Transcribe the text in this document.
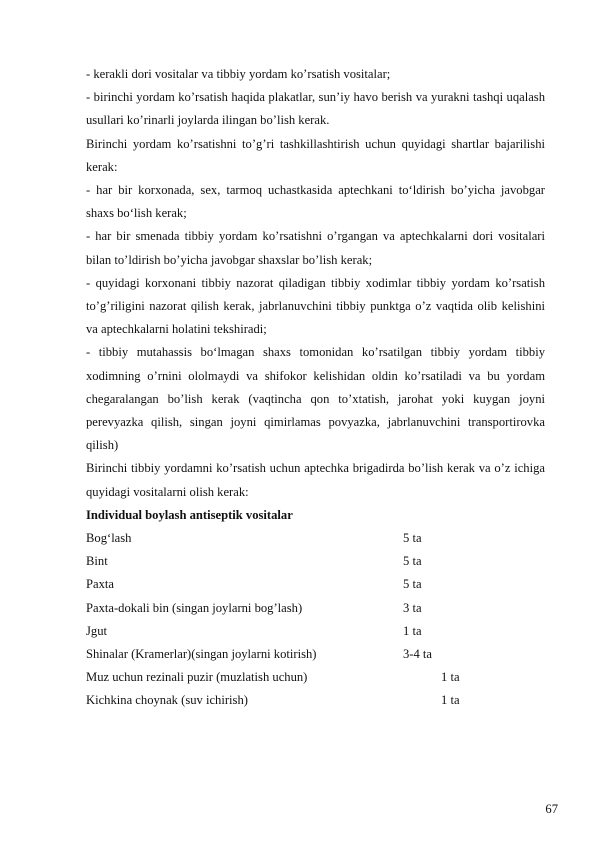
- kerakli dori vositalar va tibbiy yordam ko’rsatish vositalar;

- birinchi yordam ko’rsatish haqida plakatlar, sun’iy havo berish va yurakni tashqi uqalash usullari ko’rinarli joylarda ilingan bo’lish kerak.

Birinchi yordam ko’rsatishni to’g’ri tashkillashtirish uchun quyidagi shartlar bajarilishi kerak:

- har bir korxonada, sex, tarmoq uchastkasida aptechkani to‘ldirish bo’yicha javobgar shaxs bo‘lish kerak;

- har bir smenada tibbiy yordam ko’rsatishni o’rgangan va aptechkalarni dori vositalari bilan to’ldirish bo’yicha javobgar shaxslar bo’lish kerak;

- quyidagi korxonani tibbiy nazorat qiladigan tibbiy xodimlar tibbiy yordam ko’rsatish to’g’riligini nazorat qilish kerak, jabrlanuvchini tibbiy punktga o’z vaqtida olib kelishini va aptechkalarni holatini tekshiradi;

- tibbiy mutahassis bo‘lmagan shaxs tomonidan ko’rsatilgan tibbiy yordam tibbiy xodimning o’rnini ololmaydi va shifokor kelishidan oldin ko’rsatiladi va bu yordam chegaralangan bo’lish kerak (vaqtincha qon to’xtatish, jarohat yoki kuygan joyni perevyazka qilish, singan joyni qimirlamas povyazka, jabrlanuvchini transportirovka qilish)

Birinchi tibbiy yordamni ko’rsatish uchun aptechka brigadirda bo’lish kerak va o’z ichiga quyidagi vositalarni olish kerak:

Individual boylash antiseptik vositalar

Bog‘lash	5 ta
Bint	5 ta
Paxta	5 ta
Paxta-dokali bin (singan joylarni bog’lash)	3 ta
Jgut	1 ta
Shinalar (Kramerlar)(singan joylarni kotirish)	3-4 ta
Muz uchun rezinali puzir (muzlatish uchun)	1 ta
Kichkina choynak (suv ichirish)	1 ta
67
